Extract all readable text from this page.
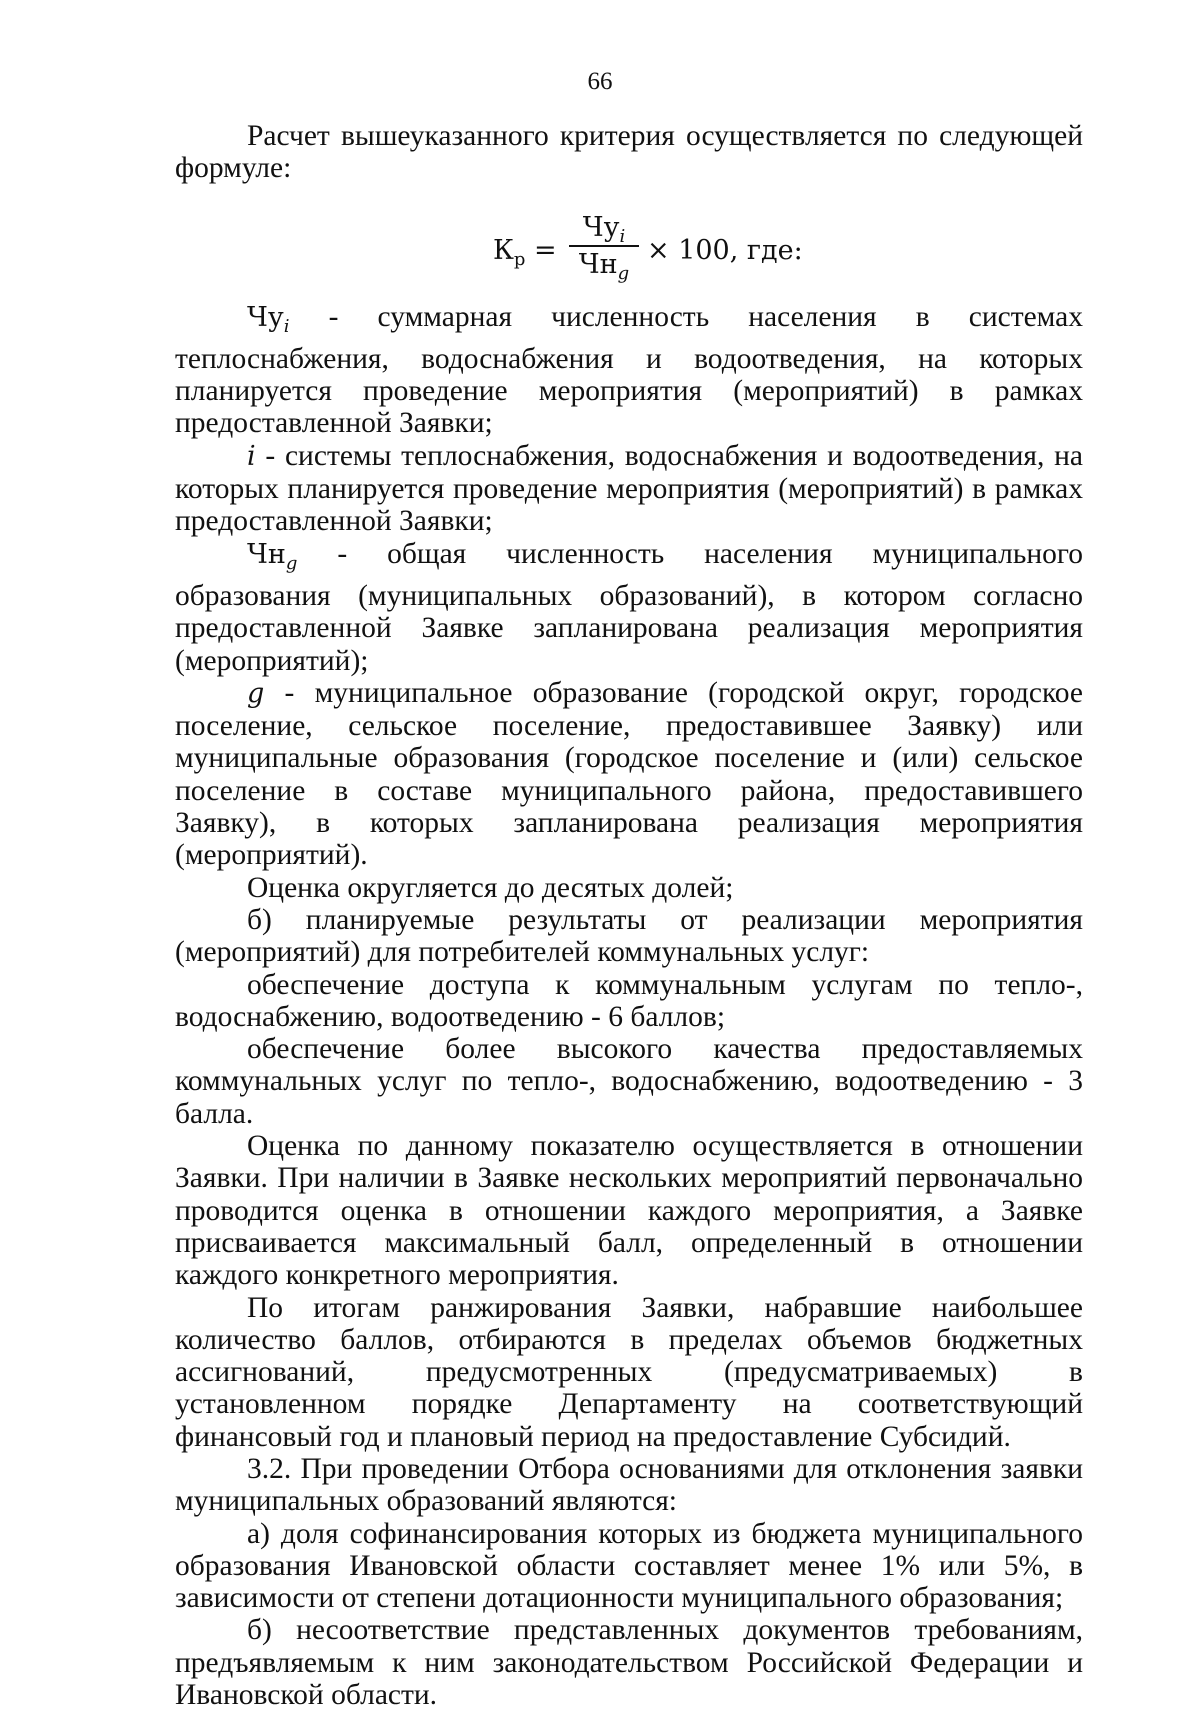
66

Расчет вышеуказанного критерия осуществляется по следующей формуле:

$К_р$ =
$Чу_i$
$Чн_g$
× 100, где:

$Чу_i$ - суммарная численность населения в системах теплоснабжения, водоснабжения и водоотведения, на которых планируется проведение мероприятия (мероприятий) в рамках предоставленной Заявки;

i - системы теплоснабжения, водоснабжения и водоотведения, на которых планируется проведение мероприятия (мероприятий) в рамках предоставленной Заявки;

$Чн_g$ - общая численность населения муниципального образования (муниципальных образований), в котором согласно предоставленной Заявке запланирована реализация мероприятия (мероприятий);

g - муниципальное образование (городской округ, городское поселение, сельское поселение, предоставившее Заявку) или муниципальные образования (городское поселение и (или) сельское поселение в составе муниципального района, предоставившего Заявку), в которых запланирована реализация мероприятия (мероприятий).

Оценка округляется до десятых долей;

б) планируемые результаты от реализации мероприятия (мероприятий) для потребителей коммунальных услуг:

обеспечение доступа к коммунальным услугам по тепло-, водоснабжению, водоотведению - 6 баллов;

обеспечение более высокого качества предоставляемых коммунальных услуг по тепло-, водоснабжению, водоотведению - 3 балла.

Оценка по данному показателю осуществляется в отношении Заявки. При наличии в Заявке нескольких мероприятий первоначально проводится оценка в отношении каждого мероприятия, а Заявке присваивается максимальный балл, определенный в отношении каждого конкретного мероприятия.

По итогам ранжирования Заявки, набравшие наибольшее количество баллов, отбираются в пределах объемов бюджетных ассигнований, предусмотренных (предусматриваемых) в установленном порядке Департаменту на соответствующий финансовый год и плановый период на предоставление Субсидий.

3.2. При проведении Отбора основаниями для отклонения заявки муниципальных образований являются:

а) доля софинансирования которых из бюджета муниципального образования Ивановской области составляет менее 1% или 5%, в зависимости от степени дотационности муниципального образования;

б) несоответствие представленных документов требованиям, предъявляемым к ним законодательством Российской Федерации и Ивановской области.
